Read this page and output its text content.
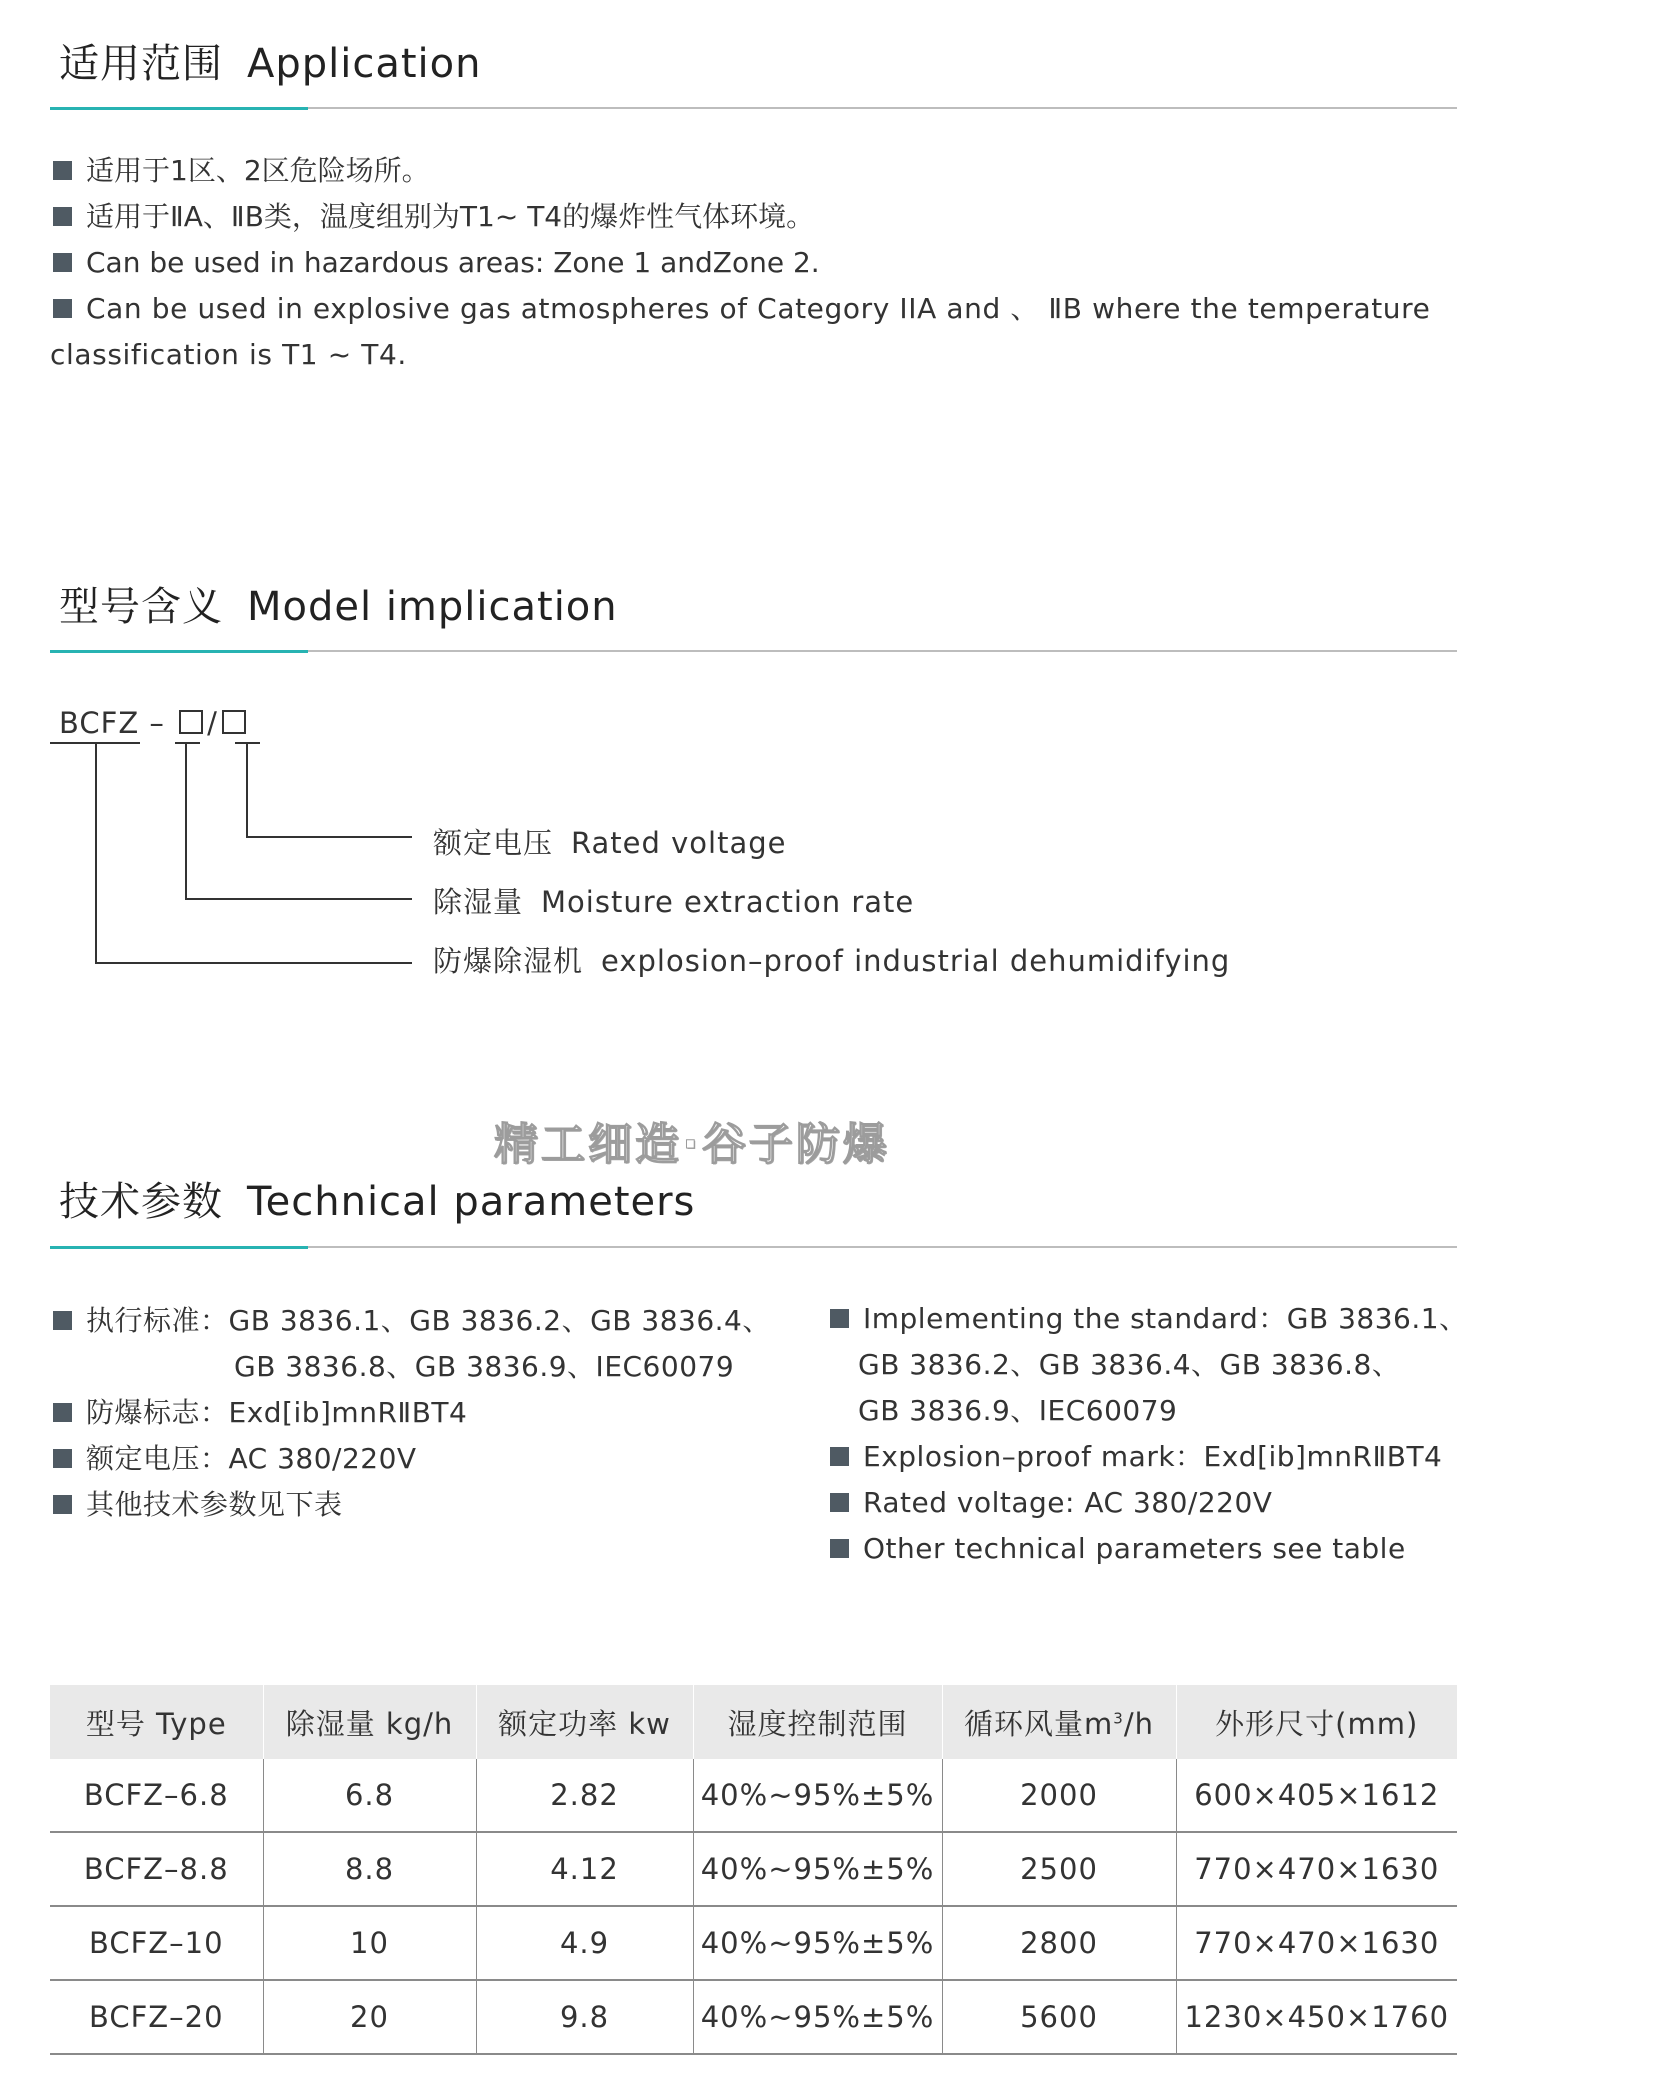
适用范围 Application
适用于1区、2区危险场所。
适用于ⅡA、ⅡB类，温度组别为T1~ T4的爆炸性气体环境。
Can be used in hazardous areas: Zone 1 andZone 2.
Can be used in explosive gas atmospheres of Category IIA and 、 ⅡB where the temperature
classification is T1 ~ T4.
型号含义 Model implication
BCFZ – /
额定电压 Rated voltage
除湿量 Moisture extraction rate
防爆除湿机 explosion–proof industrial dehumidifying
精工细造·谷子防爆
技术参数 Technical parameters
执行标准：GB 3836.1、GB 3836.2、GB 3836.4、
GB 3836.8、GB 3836.9、IEC60079
防爆标志：Exd[ib]mnRⅡBT4
额定电压：AC 380/220V
其他技术参数见下表
Implementing the standard：GB 3836.1、
GB 3836.2、GB 3836.4、GB 3836.8、
GB 3836.9、IEC60079
Explosion–proof mark：Exd[ib]mnRⅡBT4
Rated voltage: AC 380/220V
Other technical parameters see table
型号 Type	除湿量 kg/h	额定功率 kw	湿度控制范围	循环风量$m^3/h$	外形尺寸(mm)
BCFZ–6.8	6.8	2.82	40%~95%±5%	2000	600×405×1612
BCFZ–8.8	8.8	4.12	40%~95%±5%	2500	770×470×1630
BCFZ–10	10	4.9	40%~95%±5%	2800	770×470×1630
BCFZ–20	20	9.8	40%~95%±5%	5600	1230×450×1760
